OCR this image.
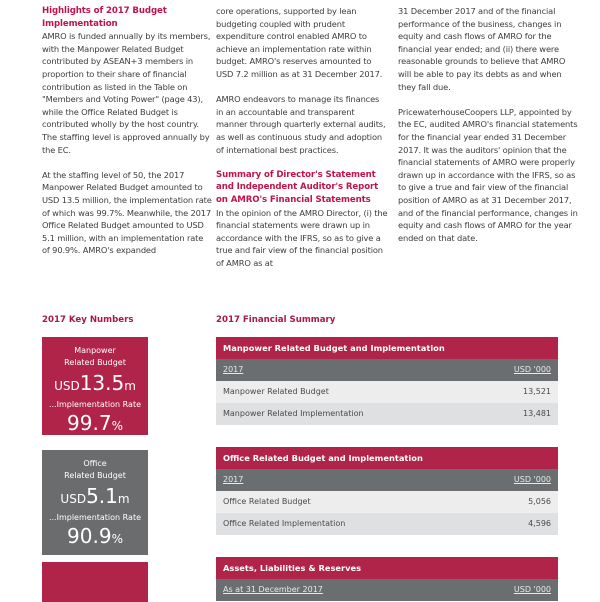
Highlights of 2017 Budget Implementation

AMRO is funded annually by its members, with the Manpower Related Budget contributed by ASEAN+3 members in proportion to their share of financial contribution as listed in the Table on "Members and Voting Power" (page 43), while the Office Related Budget is contributed wholly by the host country. The staffing level is approved annually by the EC.

At the staffing level of 50, the 2017 Manpower Related Budget amounted to USD 13.5 million, the implementation rate of which was 99.7%. Meanwhile, the 2017 Office Related Budget amounted to USD 5.1 million, with an implementation rate of 90.9%. AMRO's expanded

core operations, supported by lean budgeting coupled with prudent expenditure control enabled AMRO to achieve an implementation rate within budget. AMRO's reserves amounted to USD 7.2 million as at 31 December 2017.

AMRO endeavors to manage its finances in an accountable and transparent manner through quarterly external audits, as well as continuous study and adoption of international best practices.

Summary of Director's Statement and Independent Auditor's Report on AMRO's Financial Statements

In the opinion of the AMRO Director, (i) the financial statements were drawn up in accordance with the IFRS, so as to give a true and fair view of the financial position of AMRO as at

31 December 2017 and of the financial performance of the business, changes in equity and cash flows of AMRO for the financial year ended; and (ii) there were reasonable grounds to believe that AMRO will be able to pay its debts as and when they fall due.

PricewaterhouseCoopers LLP, appointed by the EC, audited AMRO's financial statements for the financial year ended 31 December 2017. It was the auditors' opinion that the financial statements of AMRO were properly drawn up in accordance with the IFRS, so as to give a true and fair view of the financial position of AMRO as at 31 December 2017, and of the financial performance, changes in equity and cash flows of AMRO for the year ended on that date.

2017 Key Numbers	2017 Financial Summary
Manpower
Related Budget
USD13.5m
...Implementation Rate
99.7%
Office
Related Budget
USD5.1m
...Implementation Rate
90.9%
Manpower Related Budget and Implementation
2017	USD '000
Manpower Related Budget	13,521
Manpower Related Implementation	13,481
Office Related Budget and Implementation
2017	USD '000
Office Related Budget	5,056
Office Related Implementation	4,596
Assets, Liabilities & Reserves
As at 31 December 2017	USD '000
